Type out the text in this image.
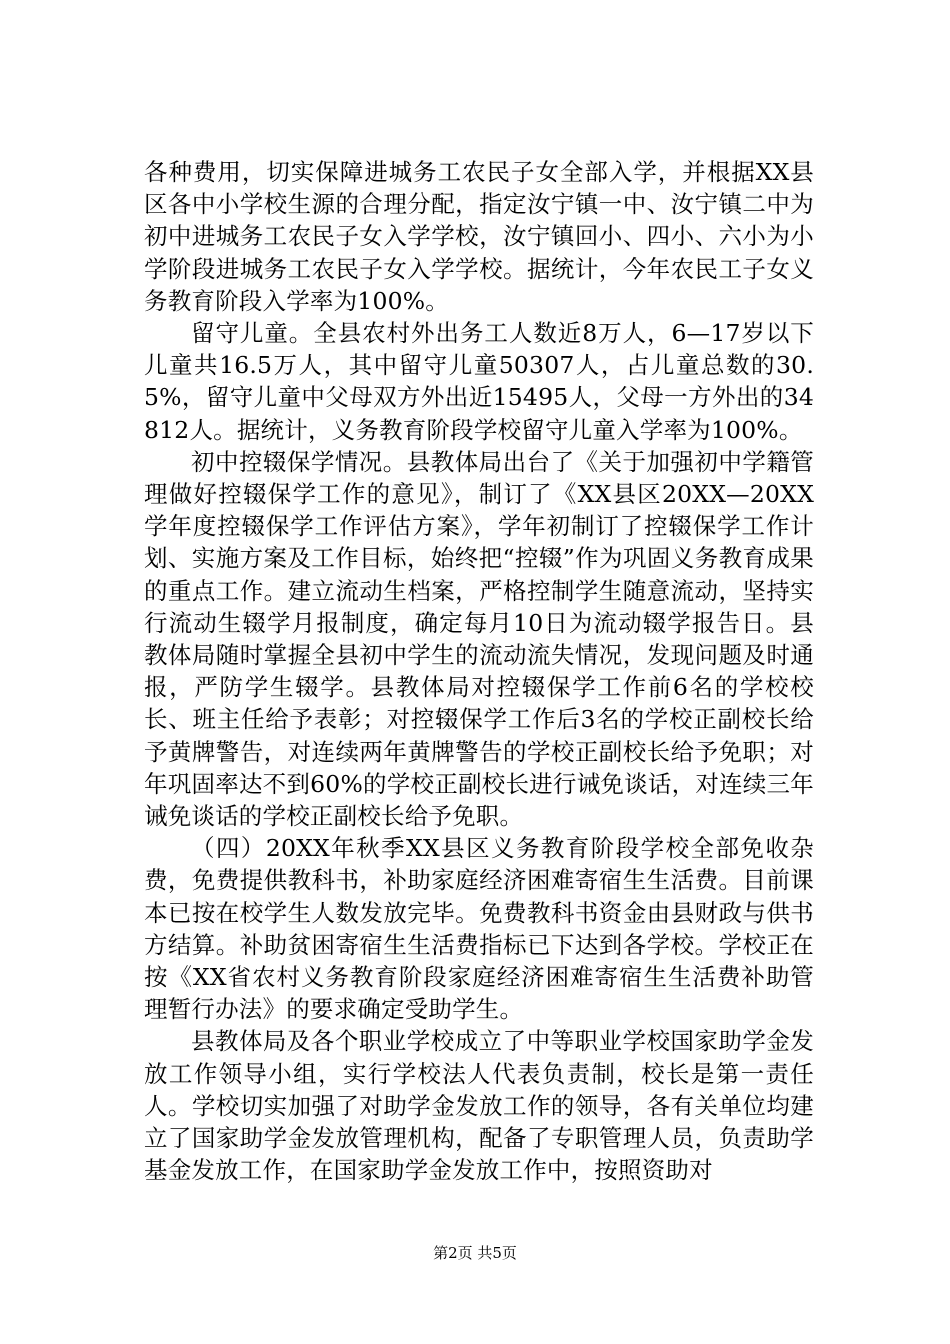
各种费用，切实保障进城务工农民子女全部入学，并根据XX县区各中小学校生源的合理分配，指定汝宁镇一中、汝宁镇二中为初中进城务工农民子女入学学校，汝宁镇回小、四小、六小为小学阶段进城务工农民子女入学学校。据统计，今年农民工子女义务教育阶段入学率为100%。

留守儿童。全县农村外出务工人数近8万人，6—17岁以下儿童共16.5万人，其中留守儿童50307人，占儿童总数的30.5%，留守儿童中父母双方外出近15495人，父母一方外出的34812人。据统计，义务教育阶段学校留守儿童入学率为100%。

初中控辍保学情况。县教体局出台了《关于加强初中学籍管理做好控辍保学工作的意见》，制订了《XX县区20XX—20XX学年度控辍保学工作评估方案》，学年初制订了控辍保学工作计划、实施方案及工作目标，始终把“控辍”作为巩固义务教育成果的重点工作。建立流动生档案，严格控制学生随意流动，坚持实行流动生辍学月报制度，确定每月10日为流动辍学报告日。县教体局随时掌握全县初中学生的流动流失情况，发现问题及时通报，严防学生辍学。县教体局对控辍保学工作前6名的学校校长、班主任给予表彰；对控辍保学工作后3名的学校正副校长给予黄牌警告，对连续两年黄牌警告的学校正副校长给予免职；对年巩固率达不到60%的学校正副校长进行诫免谈话，对连续三年诫免谈话的学校正副校长给予免职。

（四）20XX年秋季XX县区义务教育阶段学校全部免收杂费，免费提供教科书，补助家庭经济困难寄宿生生活费。目前课本已按在校学生人数发放完毕。免费教科书资金由县财政与供书方结算。补助贫困寄宿生生活费指标已下达到各学校。学校正在按《XX省农村义务教育阶段家庭经济困难寄宿生生活费补助管理暂行办法》的要求确定受助学生。

县教体局及各个职业学校成立了中等职业学校国家助学金发放工作领导小组，实行学校法人代表负责制，校长是第一责任人。学校切实加强了对助学金发放工作的领导，各有关单位均建立了国家助学金发放管理机构，配备了专职管理人员，负责助学基金发放工作，在国家助学金发放工作中，按照资助对

第2页 共5页
